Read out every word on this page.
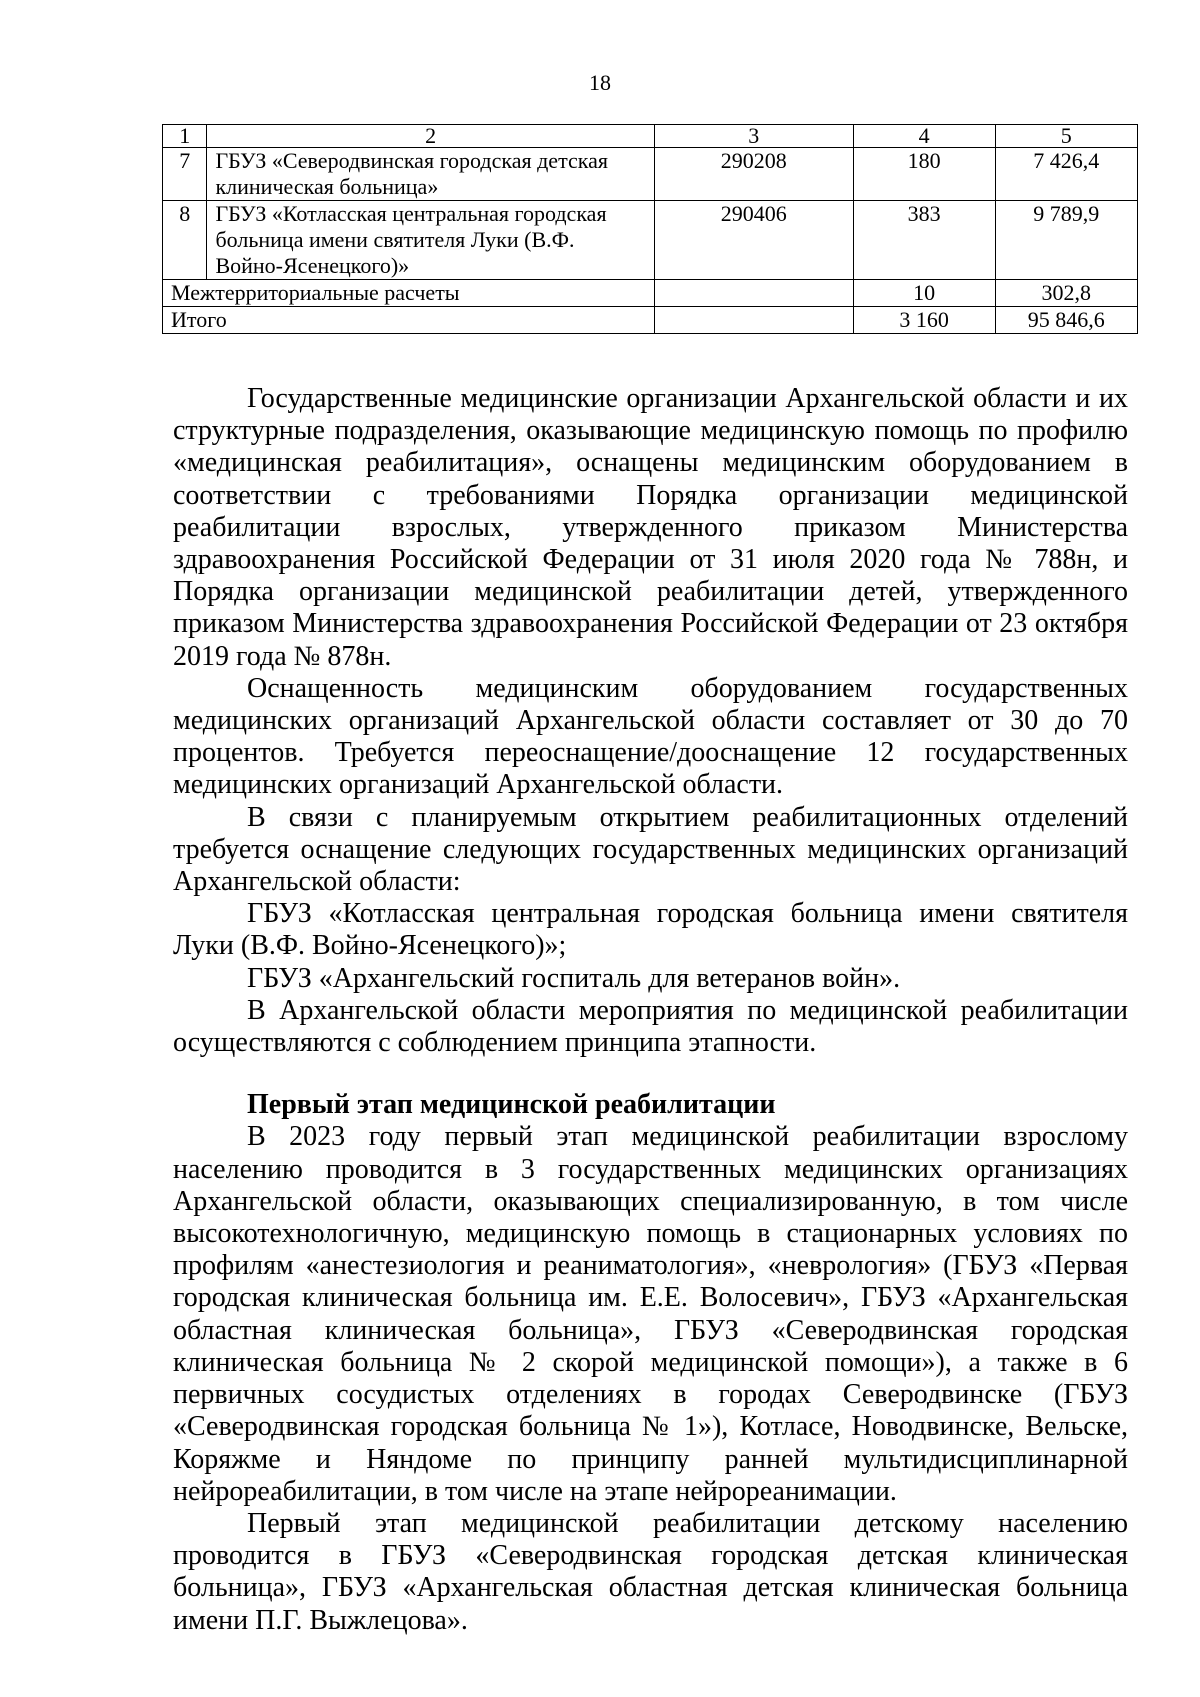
18
1	2	3	4	5
7	ГБУЗ «Северодвинская городская детская клиническая больница»	290208	180	7 426,4
8	ГБУЗ «Котласская центральная городская больница имени святителя Луки (В.Ф. Войно-Ясенецкого)»	290406	383	9 789,9
Межтерриториальные расчеты			10	302,8
Итого			3 160	95 846,6

Государственные медицинские организации Архангельской области и их структурные подразделения, оказывающие медицинскую помощь по профилю «медицинская реабилитация», оснащены медицинским оборудованием в соответствии с требованиями Порядка организации медицинской реабилитации взрослых, утвержденного приказом Министерства здравоохранения Российской Федерации от 31 июля 2020 года № 788н, и Порядка организации медицинской реабилитации детей, утвержденного приказом Министерства здравоохранения Российской Федерации от 23 октября 2019 года № 878н.

Оснащенность медицинским оборудованием государственных медицинских организаций Архангельской области составляет от 30 до 70 процентов. Требуется переоснащение/дооснащение 12 государственных медицинских организаций Архангельской области.

В связи с планируемым открытием реабилитационных отделений требуется оснащение следующих государственных медицинских организаций Архангельской области:

ГБУЗ «Котласская центральная городская больница имени святителя Луки (В.Ф. Войно-Ясенецкого)»;

ГБУЗ «Архангельский госпиталь для ветеранов войн».

В Архангельской области мероприятия по медицинской реабилитации осуществляются с соблюдением принципа этапности.

Первый этап медицинской реабилитации

В 2023 году первый этап медицинской реабилитации взрослому населению проводится в 3 государственных медицинских организациях Архангельской области, оказывающих специализированную, в том числе высокотехнологичную, медицинскую помощь в стационарных условиях по профилям «анестезиология и реаниматология», «неврология» (ГБУЗ «Первая городская клиническая больница им. Е.Е. Волосевич», ГБУЗ «Архангельская областная клиническая больница», ГБУЗ «Северодвинская городская клиническая больница № 2 скорой медицинской помощи»), а также в 6 первичных сосудистых отделениях в городах Северодвинске (ГБУЗ «Северодвинская городская больница № 1»), Котласе, Новодвинске, Вельске, Коряжме и Няндоме по принципу ранней мультидисциплинарной нейрореабилитации, в том числе на этапе нейрореанимации.

Первый этап медицинской реабилитации детскому населению проводится в ГБУЗ «Северодвинская городская детская клиническая больница», ГБУЗ «Архангельская областная детская клиническая больница имени П.Г. Выжлецова».
